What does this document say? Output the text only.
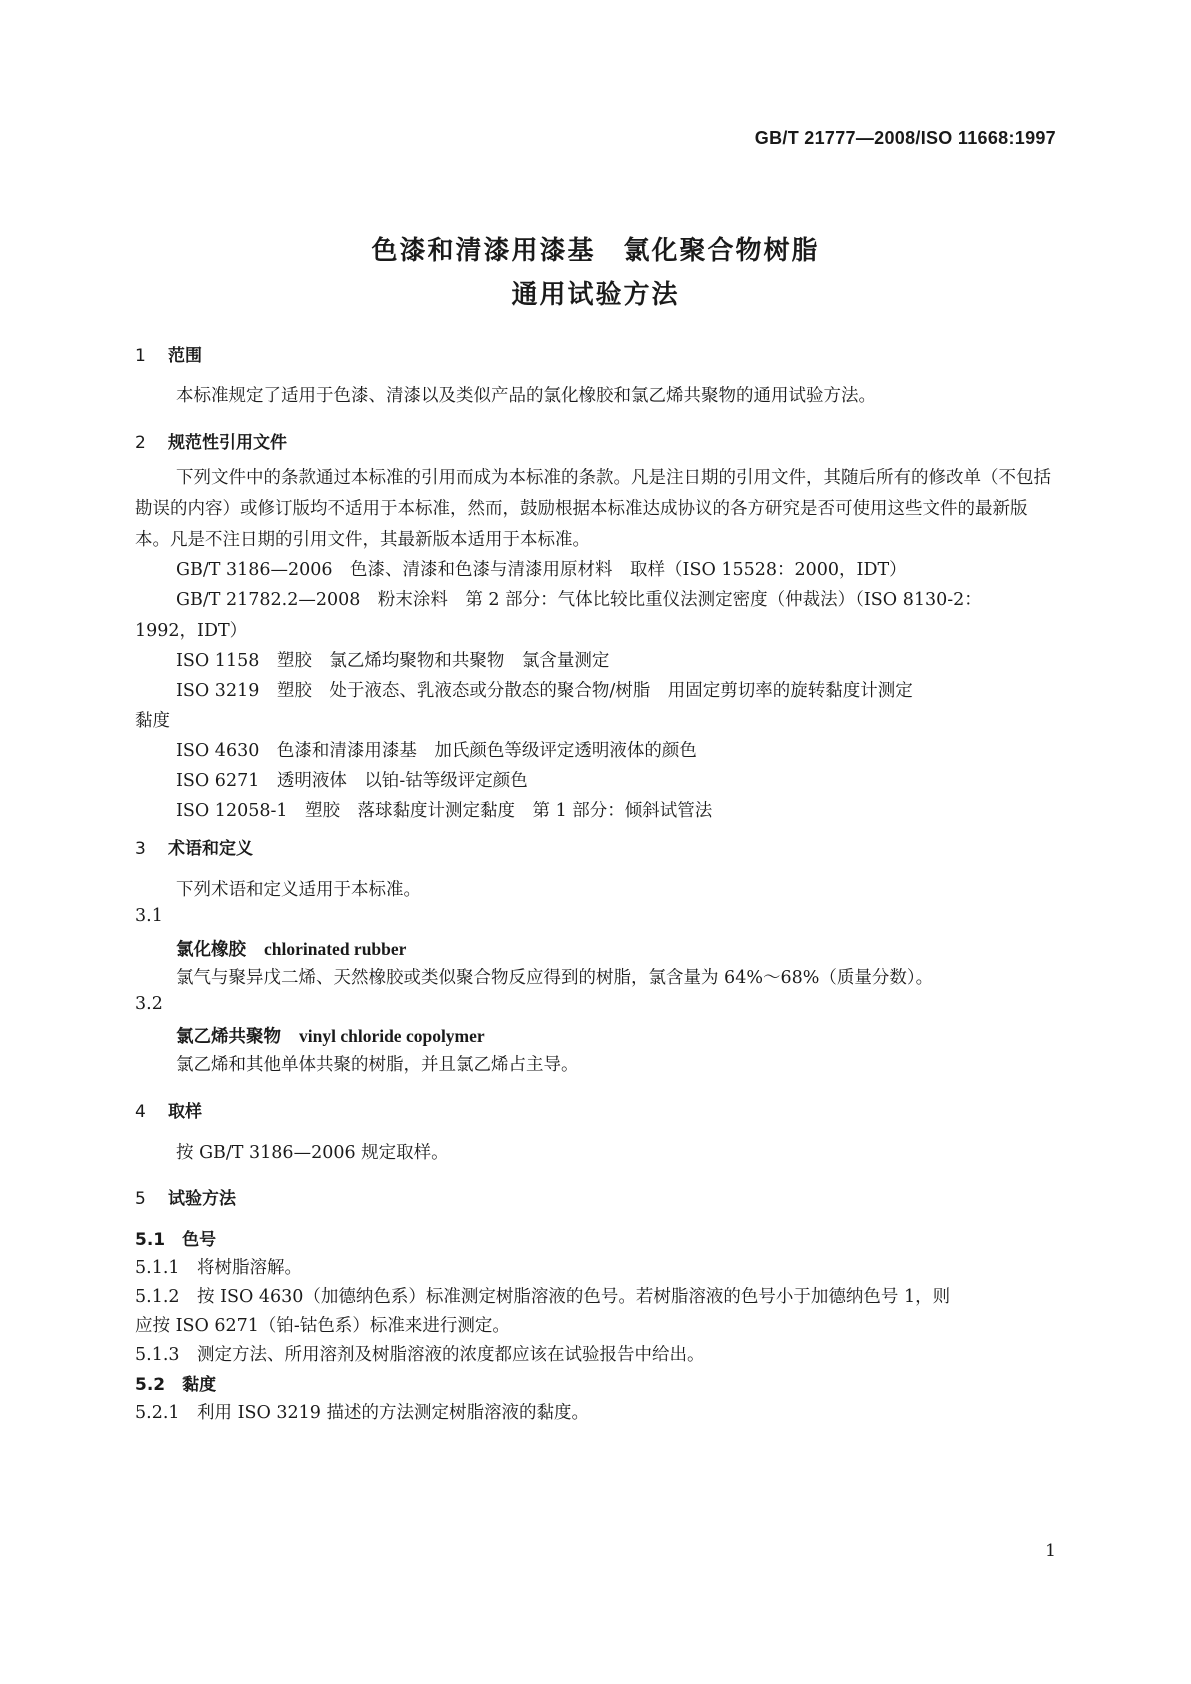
GB/T 21777—2008/ISO 11668:1997
色漆和清漆用漆基　氯化聚合物树脂
通用试验方法
1 范围
本标准规定了适用于色漆、清漆以及类似产品的氯化橡胶和氯乙烯共聚物的通用试验方法。
2 规范性引用文件
下列文件中的条款通过本标准的引用而成为本标准的条款。凡是注日期的引用文件，其随后所有的修改单（不包括勘误的内容）或修订版均不适用于本标准，然而，鼓励根据本标准达成协议的各方研究是否可使用这些文件的最新版本。凡是不注日期的引用文件，其最新版本适用于本标准。
GB/T 3186—2006　色漆、清漆和色漆与清漆用原材料　取样（ISO 15528：2000，IDT）
GB/T 21782.2—2008　粉末涂料　第 2 部分：气体比较比重仪法测定密度（仲裁法）（ISO 8130-2：
1992，IDT）
ISO 1158　塑胶　氯乙烯均聚物和共聚物　氯含量测定
ISO 3219　塑胶　处于液态、乳液态或分散态的聚合物/树脂　用固定剪切率的旋转黏度计测定
黏度
ISO 4630　色漆和清漆用漆基　加氏颜色等级评定透明液体的颜色
ISO 6271　透明液体　以铂-钴等级评定颜色
ISO 12058-1　塑胶　落球黏度计测定黏度　第 1 部分：倾斜试管法
3 术语和定义
下列术语和定义适用于本标准。
3.1
氯化橡胶 chlorinated rubber
氯气与聚异戊二烯、天然橡胶或类似聚合物反应得到的树脂，氯含量为 64%～68%（质量分数）。
3.2
氯乙烯共聚物 vinyl chloride copolymer
氯乙烯和其他单体共聚的树脂，并且氯乙烯占主导。
4 取样
按 GB/T 3186—2006 规定取样。
5 试验方法
5.1　色号
5.1.1　将树脂溶解。
5.1.2　按 ISO 4630（加德纳色系）标准测定树脂溶液的色号。若树脂溶液的色号小于加德纳色号 1，则
应按 ISO 6271（铂-钴色系）标准来进行测定。
5.1.3　测定方法、所用溶剂及树脂溶液的浓度都应该在试验报告中给出。
5.2　黏度
5.2.1　利用 ISO 3219 描述的方法测定树脂溶液的黏度。
1
